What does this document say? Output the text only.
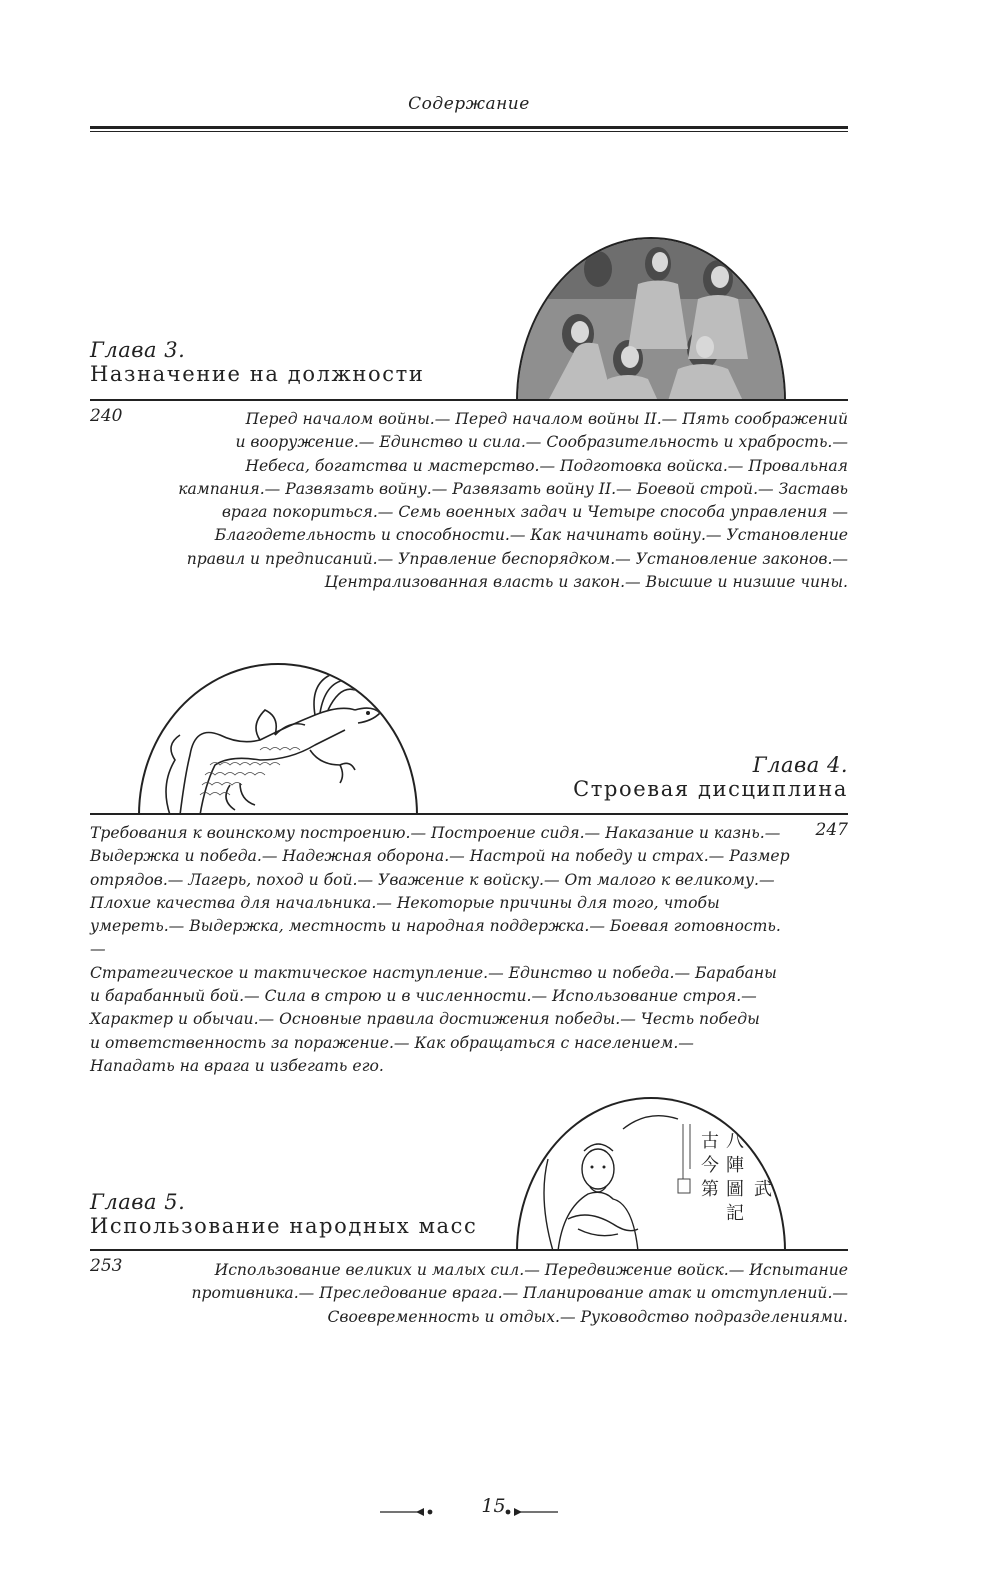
Содержание
Глава 3.
Назначение на должности
240	Перед началом войны.— Перед началом войны II.— Пять соображений
и вооружение.— Единство и сила.— Сообразительность и храбрость.—
Небеса, богатства и мастерство.— Подготовка войска.— Провальная
кампания.— Развязать войну.— Развязать войну II.— Боевой строй.— Заставь
врага покориться.— Семь военных задач и Четыре способа управления —
Благодетельность и способности.— Как начинать войну.— Установление
правил и предписаний.— Управление беспорядком.— Установление законов.—
Централизованная власть и закон.— Высшие и низшие чины.
Глава 4.
Строевая дисциплина
247
Требования к воинскому построению.— Построение сидя.— Наказание и казнь.—
Выдержка и победа.— Надежная оборона.— Настрой на победу и страх.— Размер
отрядов.— Лагерь, поход и бой.— Уважение к войску.— От малого к великому.—
Плохие качества для начальника.— Некоторые причины для того, чтобы
умереть.— Выдержка, местность и народная поддержка.— Боевая готовность.—
Стратегическое и тактическое наступление.— Единство и победа.— Барабаны
и барабанный бой.— Сила в строю и в численности.— Использование строя.—
Характер и обычаи.— Основные правила достижения победы.— Честь победы
и ответственность за поражение.— Как обращаться с населением.—
Нападать на врага и избегать его.
古
今
第
八
陣
圖
記
吳
武
Глава 5.
Использование народных масс
253	Использование великих и малых сил.— Передвижение войск.— Испытание
противника.— Преследование врага.— Планирование атак и отступлений.—
Своевременность и отдых.— Руководство подразделениями.
15
